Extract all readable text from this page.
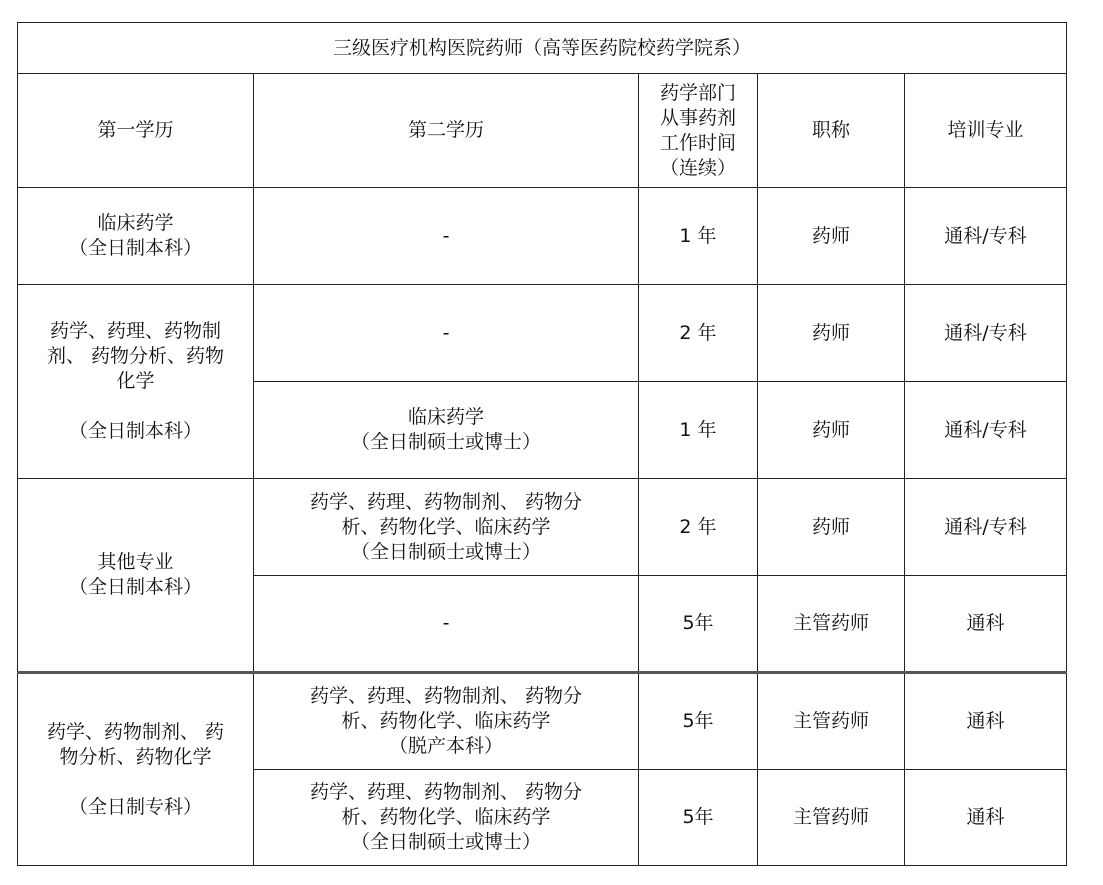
三级医疗机构医院药师（高等医药院校药学院系）				
第一学历	第二学历	药学部门
从事药剂
工作时间
（连续）	职称	培训专业

临床药学
（全日制本科）	-	1 年	药师	通科/专科

药学、药理、药物制
剂、 药物分析、药物
化学
（全日制本科）	-	2 年	药师	通科/专科

	临床药学
（全日制硕士或博士）	1 年	药师	通科/专科

其他专业
（全日制本科）	药学、药理、药物制剂、 药物分
析、药物化学、临床药学
（全日制硕士或博士）	2 年	药师	通科/专科

	-	5年	主管药师	通科

药学、药物制剂、 药
物分析、药物化学
（全日制专科）	药学、药理、药物制剂、 药物分
析、药物化学、临床药学
（脱产本科）	5年	主管药师	通科

	药学、药理、药物制剂、 药物分
析、药物化学、临床药学
（全日制硕士或博士）	5年	主管药师	通科
